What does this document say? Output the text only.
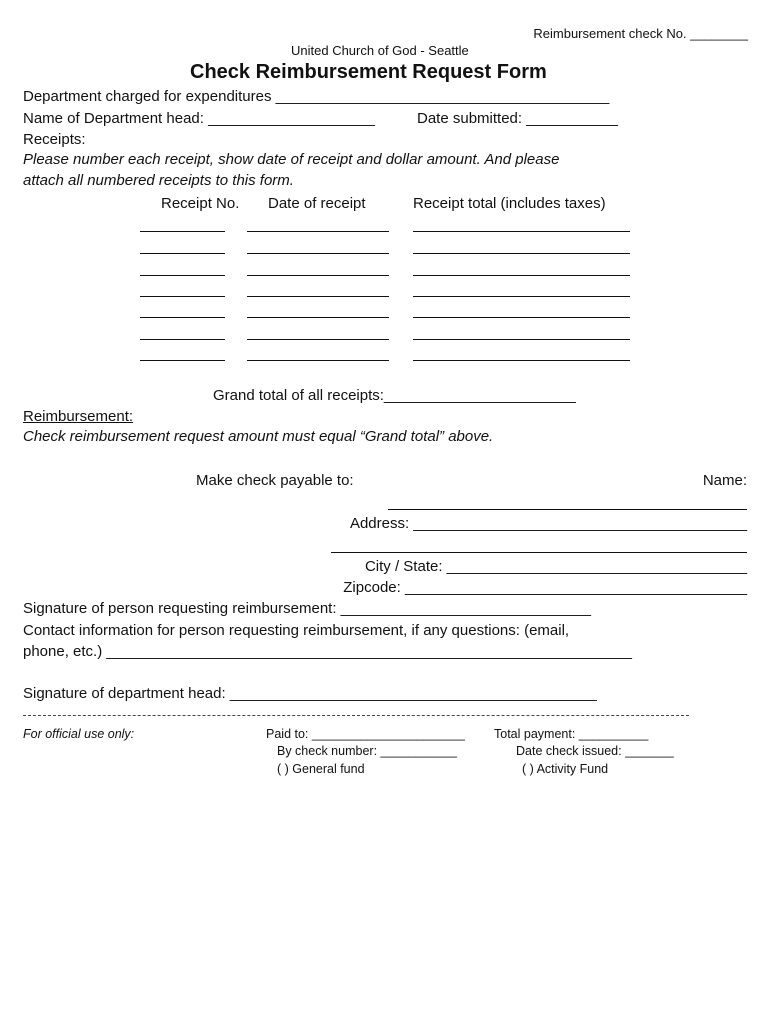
Reimbursement check No. ________
United Church of God - Seattle
Check Reimbursement Request Form
Department charged for expenditures ________________________________________
Name of Department head: ____________________	Date submitted: ___________
Receipts:
Please number each receipt, show date of receipt and dollar amount. And please
attach all numbered receipts to this form.
Receipt No. Date of receipt	Receipt total (includes taxes)
Grand total of all receipts:_______________________
Reimbursement:
Check reimbursement request amount must equal “Grand total” above.
Make check payable to:	Name:
Address: ________________________________________
City / State: ____________________________________
Zipcode: _________________________________________
Signature of person requesting reimbursement: ______________________________
Contact information for person requesting reimbursement, if any questions: (email,
phone, etc.) _______________________________________________________________
Signature of department head: ____________________________________________
For official use only:	Paid to: ______________________ Total payment: __________
By check number: ___________	Date check issued: _______
( ) General fund	( ) Activity Fund
